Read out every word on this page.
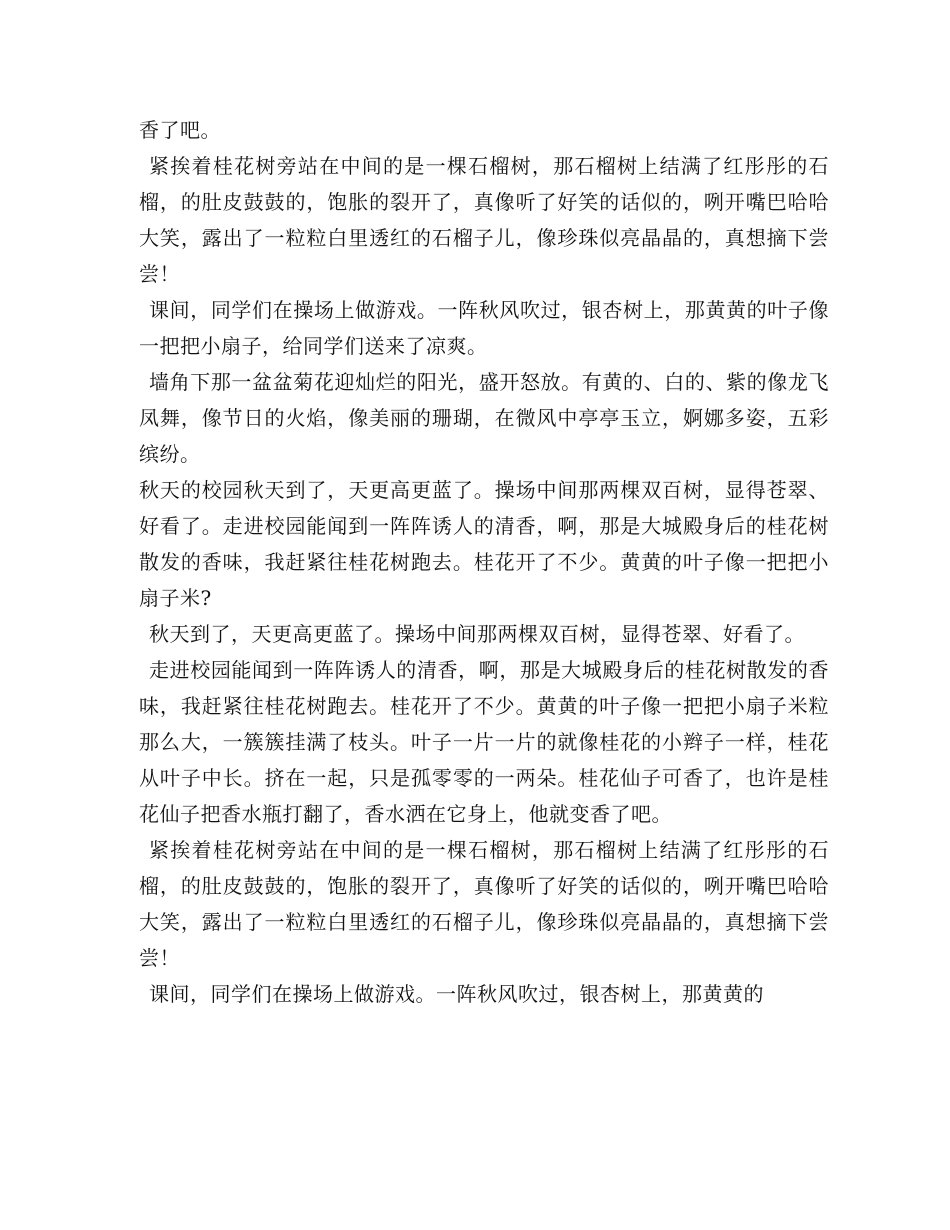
香了吧。

紧挨着桂花树旁站在中间的是一棵石榴树，那石榴树上结满了红彤彤的石榴，的肚皮鼓鼓的，饱胀的裂开了，真像听了好笑的话似的，咧开嘴巴哈哈大笑，露出了一粒粒白里透红的石榴子儿，像珍珠似亮晶晶的，真想摘下尝尝！

课间，同学们在操场上做游戏。一阵秋风吹过，银杏树上，那黄黄的叶子像一把把小扇子，给同学们送来了凉爽。

墙角下那一盆盆菊花迎灿烂的阳光，盛开怒放。有黄的、白的、紫的像龙飞凤舞，像节日的火焰，像美丽的珊瑚，在微风中亭亭玉立，婀娜多姿，五彩缤纷。

秋天的校园秋天到了，天更高更蓝了。操场中间那两棵双百树，显得苍翠、好看了。走进校园能闻到一阵阵诱人的清香，啊，那是大城殿身后的桂花树散发的香味，我赶紧往桂花树跑去。桂花开了不少。黄黄的叶子像一把把小扇子米?

秋天到了，天更高更蓝了。操场中间那两棵双百树，显得苍翠、好看了。

走进校园能闻到一阵阵诱人的清香，啊，那是大城殿身后的桂花树散发的香味，我赶紧往桂花树跑去。桂花开了不少。黄黄的叶子像一把把小扇子米粒那么大，一簇簇挂满了枝头。叶子一片一片的就像桂花的小辫子一样，桂花从叶子中长。挤在一起，只是孤零零的一两朵。桂花仙子可香了，也许是桂花仙子把香水瓶打翻了，香水洒在它身上，他就变香了吧。

紧挨着桂花树旁站在中间的是一棵石榴树，那石榴树上结满了红彤彤的石榴，的肚皮鼓鼓的，饱胀的裂开了，真像听了好笑的话似的，咧开嘴巴哈哈大笑，露出了一粒粒白里透红的石榴子儿，像珍珠似亮晶晶的，真想摘下尝尝！

课间，同学们在操场上做游戏。一阵秋风吹过，银杏树上，那黄黄的
